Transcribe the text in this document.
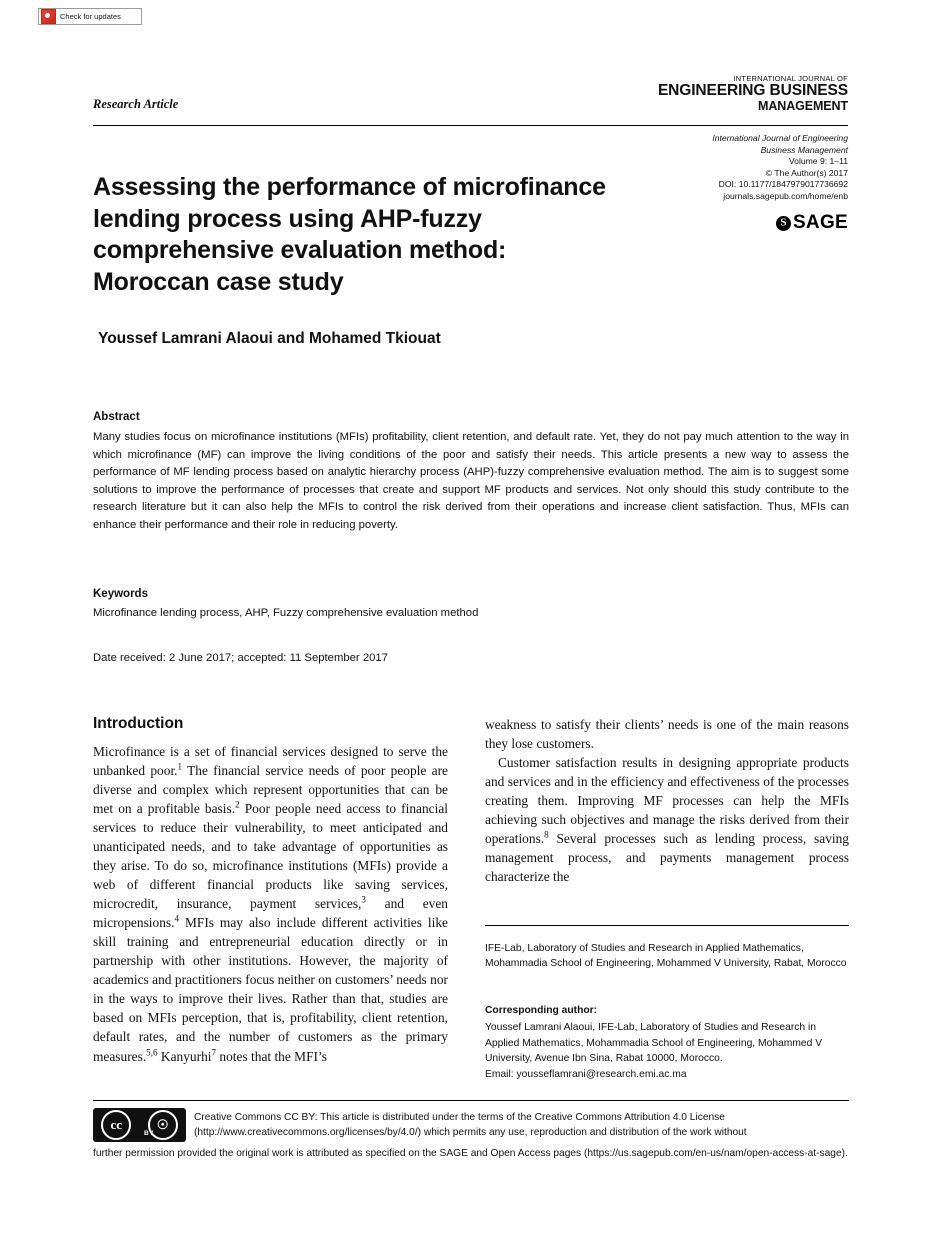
Check for updates
Research Article
INTERNATIONAL JOURNAL OF
ENGINEERING BUSINESS
MANAGEMENT
International Journal of Engineering
Business Management
Volume 9: 1–11
© The Author(s) 2017
DOI: 10.1177/1847979017736692
journals.sagepub.com/home/enb
S
SAGE
Assessing the performance of microfinance lending process using AHP-fuzzy comprehensive evaluation method: Moroccan case study
Youssef Lamrani Alaoui and Mohamed Tkiouat
Abstract
Many studies focus on microfinance institutions (MFIs) profitability, client retention, and default rate. Yet, they do not pay much attention to the way in which microfinance (MF) can improve the living conditions of the poor and satisfy their needs. This article presents a new way to assess the performance of MF lending process based on analytic hierarchy process (AHP)-fuzzy comprehensive evaluation method. The aim is to suggest some solutions to improve the performance of processes that create and support MF products and services. Not only should this study contribute to the research literature but it can also help the MFIs to control the risk derived from their operations and increase client satisfaction. Thus, MFIs can enhance their performance and their role in reducing poverty.
Keywords
Microfinance lending process, AHP, Fuzzy comprehensive evaluation method
Date received: 2 June 2017; accepted: 11 September 2017
Introduction

Microfinance is a set of financial services designed to serve the unbanked poor.$^1$ The financial service needs of poor people are diverse and complex which represent opportunities that can be met on a profitable basis.$^2$ Poor people need access to financial services to reduce their vulnerability, to meet anticipated and unanticipated needs, and to take advantage of opportunities as they arise. To do so, microfinance institutions (MFIs) provide a web of different financial products like saving services, microcredit, insurance, payment services,$^3$ and even micropensions.$^4$ MFIs may also include different activities like skill training and entrepreneurial education directly or in partnership with other institutions. However, the majority of academics and practitioners focus neither on customers’ needs nor in the ways to improve their lives. Rather than that, studies are based on MFIs perception, that is, profitability, client retention, default rates, and the number of customers as the primary measures.$^{5,6}$ Kanyurhi$^7$ notes that the MFI’s

weakness to satisfy their clients’ needs is one of the main reasons they lose customers.

Customer satisfaction results in designing appropriate products and services and in the efficiency and effectiveness of the processes creating them. Improving MF processes can help the MFIs achieving such objectives and manage the risks derived from their operations.$^8$ Several processes such as lending process, saving management process, and payments management process characterize the

IFE-Lab, Laboratory of Studies and Research in Applied Mathematics, Mohammadia School of Engineering, Mohammed V University, Rabat, Morocco
Corresponding author:
Youssef Lamrani Alaoui, IFE-Lab, Laboratory of Studies and Research in Applied Mathematics, Mohammadia School of Engineering, Mohammed V University, Avenue Ibn Sina, Rabat 10000, Morocco.
Email: yousseflamrani@research.emi.ac.ma
cc	☉
BY
Creative Commons CC BY: This article is distributed under the terms of the Creative Commons Attribution 4.0 License
(http://www.creativecommons.org/licenses/by/4.0/) which permits any use, reproduction and distribution of the work without
further permission provided the original work is attributed as specified on the SAGE and Open Access pages (https://us.sagepub.com/en-us/nam/open-access-at-sage).
